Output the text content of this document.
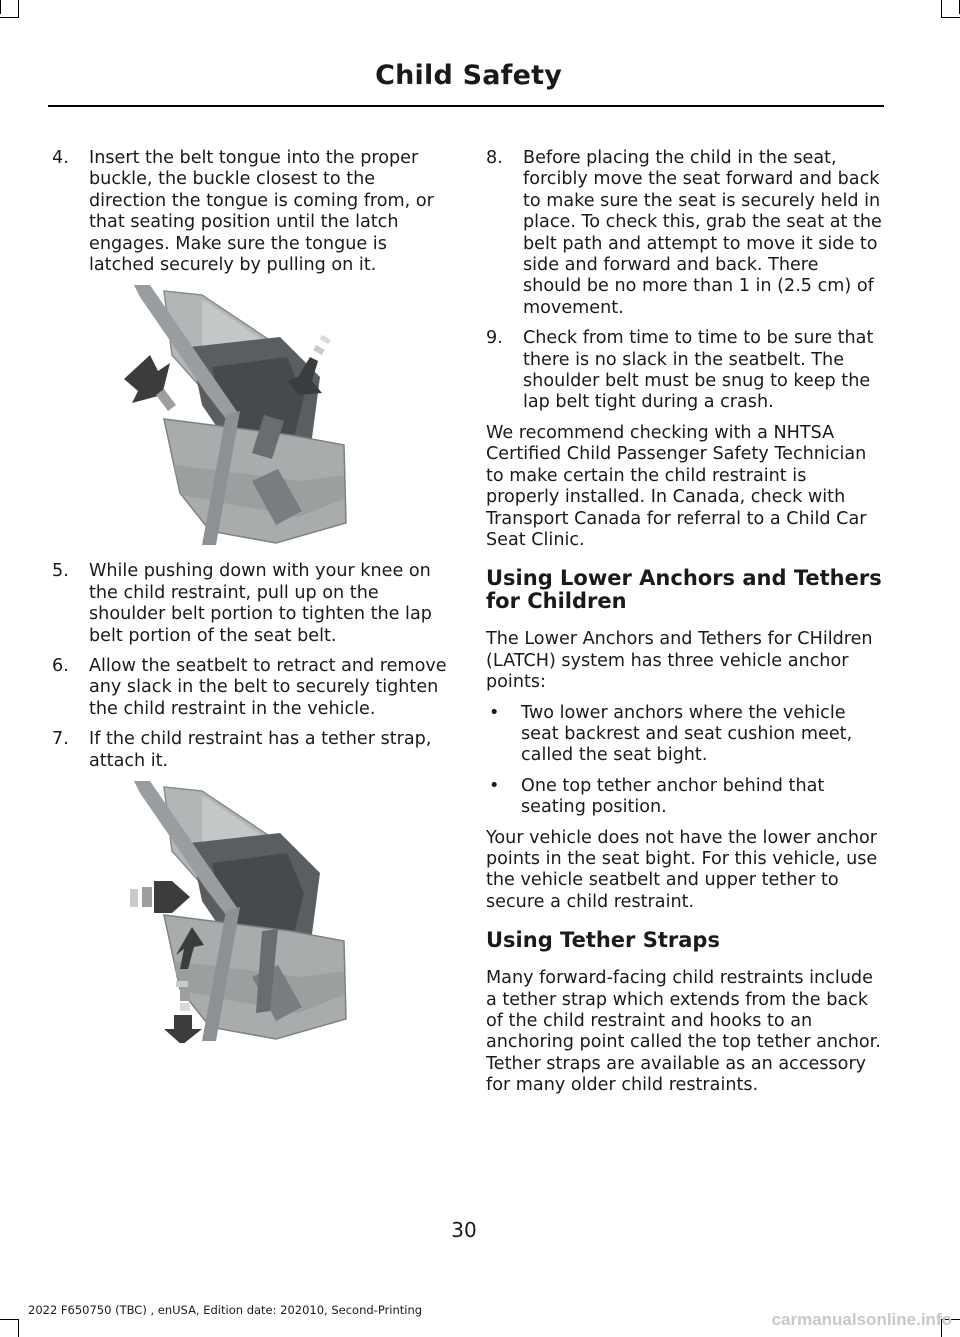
Child Safety
4.	Insert the belt tongue into the proper buckle, the buckle closest to the direction the tongue is coming from, or that seating position until the latch engages. Make sure the tongue is latched securely by pulling on it.
5.	While pushing down with your knee on the child restraint, pull up on the shoulder belt portion to tighten the lap belt portion of the seat belt.
6.	Allow the seatbelt to retract and remove any slack in the belt to securely tighten the child restraint in the vehicle.
7.	If the child restraint has a tether strap, attach it.
8.	Before placing the child in the seat, forcibly move the seat forward and back to make sure the seat is securely held in place. To check this, grab the seat at the belt path and attempt to move it side to side and forward and back. There should be no more than 1 in (2.5 cm) of movement.
9.	Check from time to time to be sure that there is no slack in the seatbelt. The shoulder belt must be snug to keep the lap belt tight during a crash.

We recommend checking with a NHTSA Certified Child Passenger Safety Technician to make certain the child restraint is properly installed. In Canada, check with Transport Canada for referral to a Child Car Seat Clinic.

Using Lower Anchors and Tethers for Children

The Lower Anchors and Tethers for CHildren (LATCH) system has three vehicle anchor points:

•	Two lower anchors where the vehicle seat backrest and seat cushion meet, called the seat bight.
•	One top tether anchor behind that seating position.

Your vehicle does not have the lower anchor points in the seat bight. For this vehicle, use the vehicle seatbelt and upper tether to secure a child restraint.

Using Tether Straps

Many forward-facing child restraints include a tether strap which extends from the back of the child restraint and hooks to an anchoring point called the top tether anchor. Tether straps are available as an accessory for many older child restraints.

30
2022 F650750 (TBC) , enUSA, Edition date: 202010, Second-Printing	carmanualsonline.info
